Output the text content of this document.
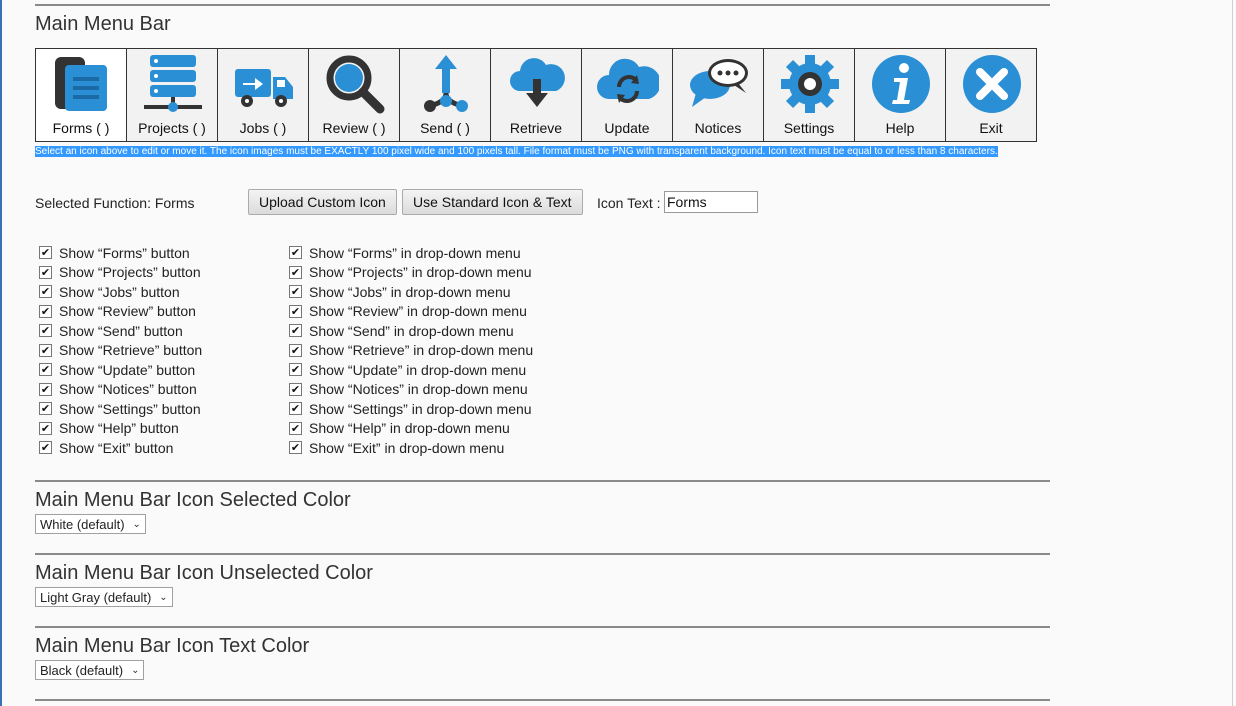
Main Menu Bar
Forms ( )	Projects ( )	Jobs ( )	Review ( )	Send ( )	Retrieve	Update	Notices	Settings	Help	Exit
Select an icon above to edit or move it. The icon images must be EXACTLY 100 pixel wide and 100 pixels tall. File format must be PNG with transparent background. Icon text must be equal to or less than 8 characters.
Selected Function: Forms	Upload Custom Icon	Use Standard Icon & Text	Icon Text :
Forms
✔ Show “Forms” button
✔ Show “Projects” button
✔ Show “Jobs” button
✔ Show “Review” button
✔ Show “Send” button
✔ Show “Retrieve” button
✔ Show “Update” button
✔ Show “Notices” button
✔ Show “Settings” button
✔ Show “Help” button
✔ Show “Exit” button
✔ Show “Forms” in drop-down menu
✔ Show “Projects” in drop-down menu
✔ Show “Jobs” in drop-down menu
✔ Show “Review” in drop-down menu
✔ Show “Send” in drop-down menu
✔ Show “Retrieve” in drop-down menu
✔ Show “Update” in drop-down menu
✔ Show “Notices” in drop-down menu
✔ Show “Settings” in drop-down menu
✔ Show “Help” in drop-down menu
✔ Show “Exit” in drop-down menu
Main Menu Bar Icon Selected Color
White (default) ⌄
Main Menu Bar Icon Unselected Color
Light Gray (default) ⌄
Main Menu Bar Icon Text Color
Black (default) ⌄
